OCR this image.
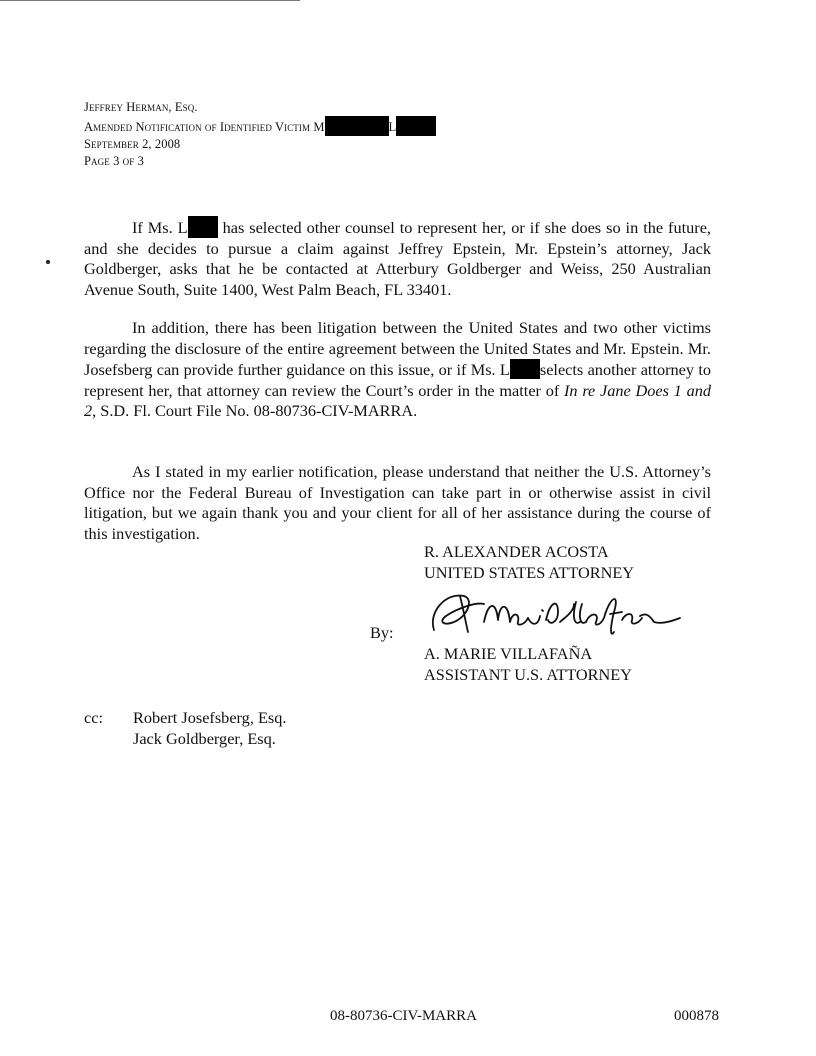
Jeffrey Herman, Esq.
Amended Notification of Identified Victim M	L
September 2, 2008
Page 3 of 3

If Ms. L has selected other counsel to represent her, or if she does so in the future, and she decides to pursue a claim against Jeffrey Epstein, Mr. Epstein’s attorney, Jack Goldberger, asks that he be contacted at Atterbury Goldberger and Weiss, 250 Australian Avenue South, Suite 1400, West Palm Beach, FL 33401.

In addition, there has been litigation between the United States and two other victims regarding the disclosure of the entire agreement between the United States and Mr. Epstein. Mr. Josefsberg can provide further guidance on this issue, or if Ms. L selects another attorney to represent her, that attorney can review the Court’s order in the matter of In re Jane Does 1 and 2, S.D. Fl. Court File No. 08-80736-CIV-MARRA.

As I stated in my earlier notification, please understand that neither the U.S. Attorney’s Office nor the Federal Bureau of Investigation can take part in or otherwise assist in civil litigation, but we again thank you and your client for all of her assistance during the course of this investigation.

R. ALEXANDER ACOSTA
UNITED STATES ATTORNEY
By:
A. MARIE VILLAFAÑA
ASSISTANT U.S. ATTORNEY
cc: Robert Josefsberg, Esq.
Jack Goldberger, Esq.
08-80736-CIV-MARRA	000878
